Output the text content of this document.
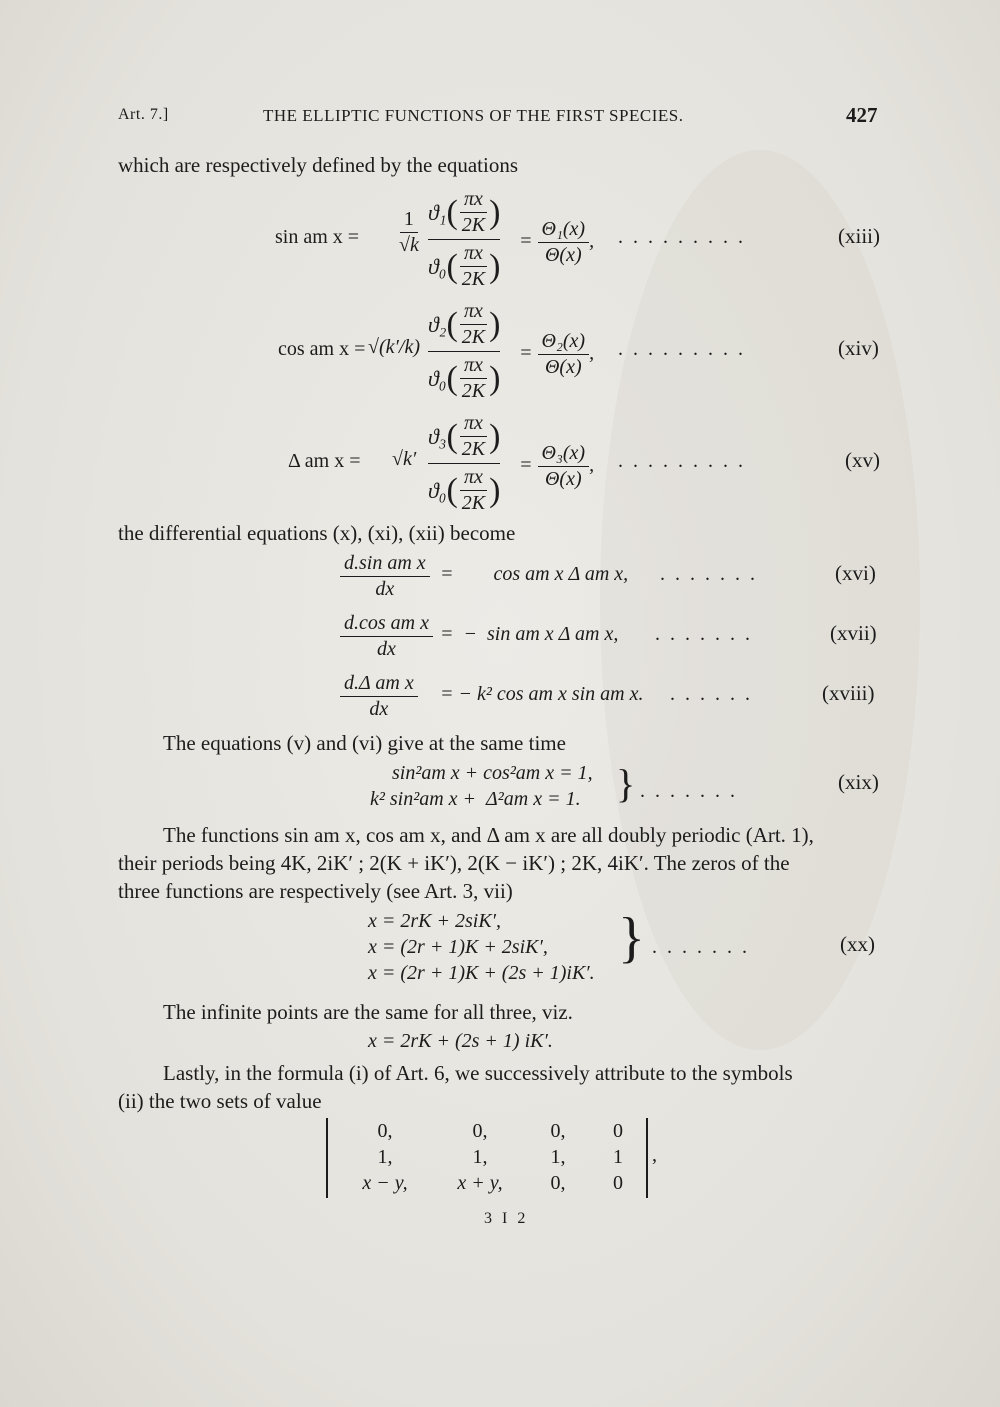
Art. 7.]	THE ELLIPTIC FUNCTIONS OF THE FIRST SPECIES.	427
which are respectively defined by the equations
sin am $x = \frac{1}{√k} ϑ_1$ ( $\frac{\pi x}{2K}$ )
ϑ₀ ( $\frac{\pi x}{2K}$ )
= $\frac{\text{Θ₁(x)}}{\Theta(x)}$ , .........	(xiii)
cos am x = √(k′/k)
ϑ₂ ( $\frac{\pi x}{2K}$ )
ϑ₀ ( $\frac{\pi x}{2K}$ )
= $\frac{\text{Θ₂(x)}}{\Theta(x)}$ , .........	(xiv)
Δ am x = √k′
ϑ₃ ( $\frac{\pi x}{2K}$ )
ϑ₀ ( $\frac{\pi x}{2K}$ )
= $\frac{\text{Θ₃(x)}}{\Theta(x)}$ , .........	(xv)
the differential equations (x), (xi), (xii) become
$\frac{\text{d.sin am x}}{dx}$ =        cos am x Δ am x, .......	(xvi)
$\frac{\text{d.cos am x}}{dx}$ =  −  sin am x Δ am x, .......	(xvii)
$\frac{\text{d.Δ am x}}{dx}$ = − k² cos am x sin am x. ......	(xviii)
The equations (v) and (vi) give at the same time
sin²am x + cos²am x = 1,
k² sin²am x +  Δ²am x = 1. } .......	(xix)
The functions sin am x, cos am x, and Δ am x are all doubly periodic (Art. 1),
their periods being 4K, 2iK′ ; 2(K + iK′), 2(K − iK′) ; 2K, 4iK′. The zeros of the
three functions are respectively (see Art. 3, vii)
x = 2rK + 2siK′,
x = (2r + 1)K + 2siK′,
x = (2r + 1)K + (2s + 1)iK′.
} .......	(xx)
The infinite points are the same for all three, viz.
x = 2rK + (2s + 1) iK′.
Lastly, in the formula (i) of Art. 6, we successively attribute to the symbols
(ii) the two sets of value
,
0,	0,	0,	0
1,	1,	1,	1
x − y,	x + y,	0,	0
3 I 2
